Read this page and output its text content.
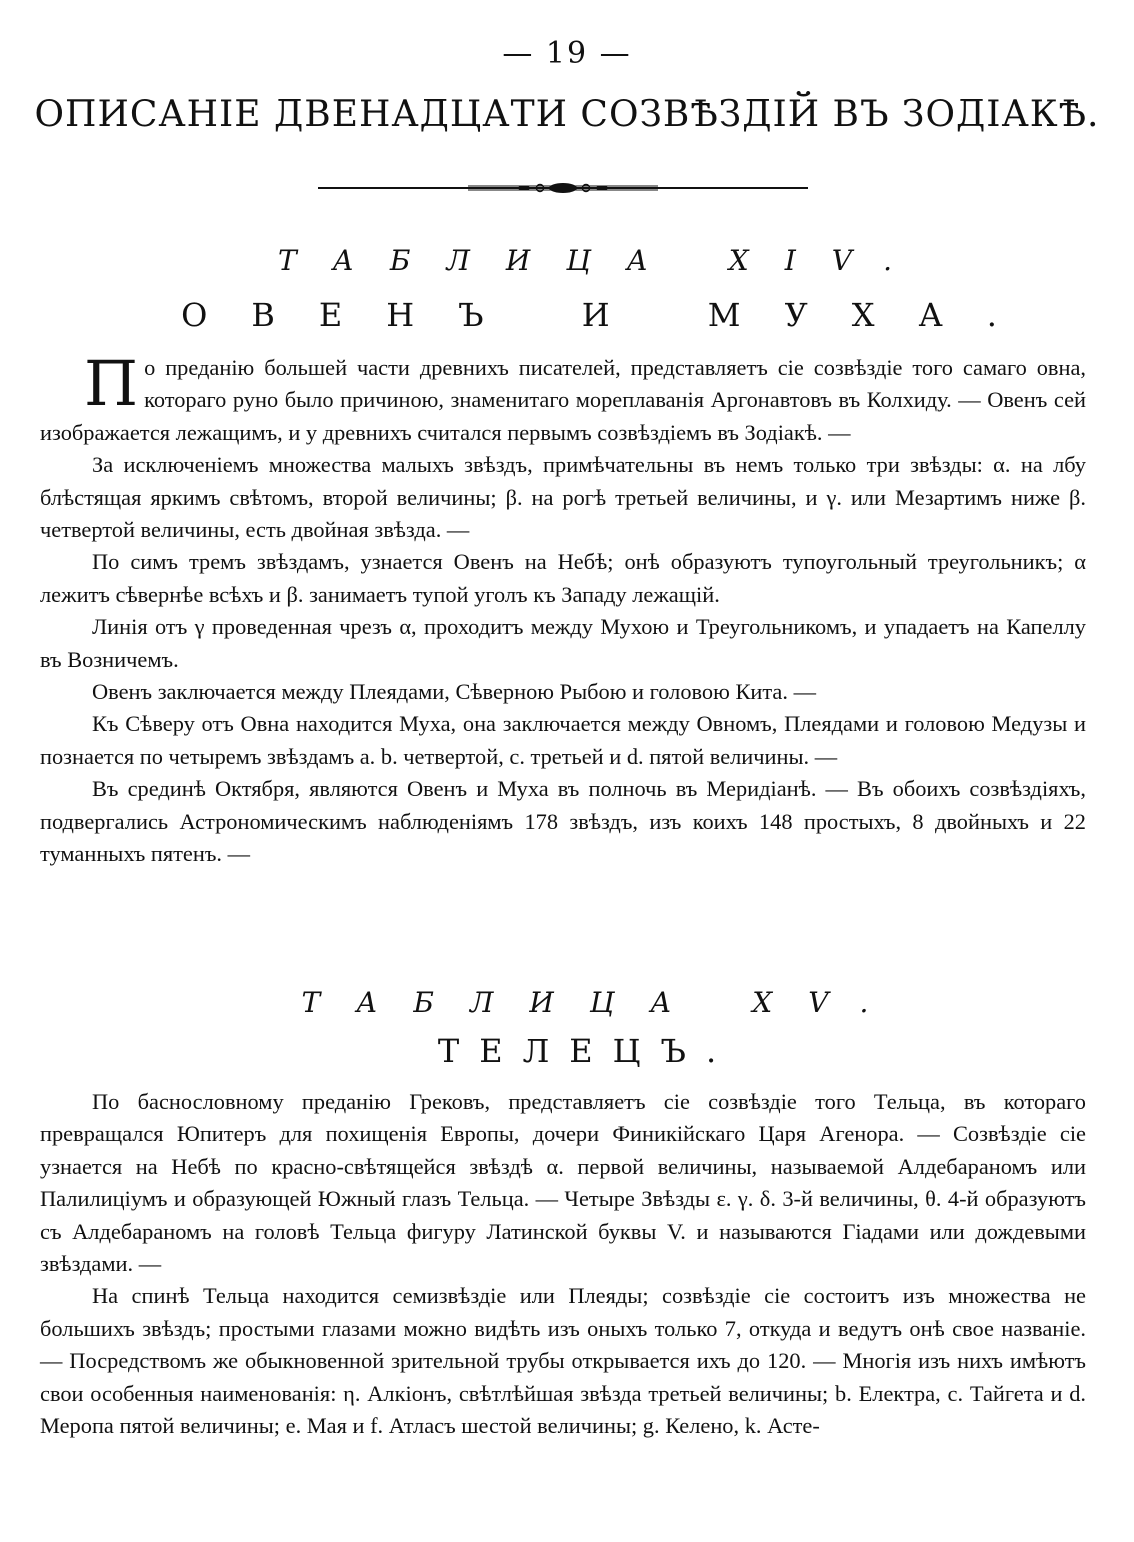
— 19 —
ОПИСАНІЕ ДВЕНАДЦАТИ СОЗВѢЗДІЙ ВЪ ЗОДІАКѢ.
ТАБЛИЦА XIV.
ОВЕНЪ И МУХА.

По преданію большей части древнихъ писателей, представляетъ сіе созвѣздіе того самаго овна, котораго руно было причиною, знаменитаго мореплаванія Аргонавтовъ въ Колхиду. — Овенъ сей изображается лежащимъ, и у древнихъ считался первымъ созвѣздіемъ въ Зодіакѣ. —

За исключеніемъ множества малыхъ звѣздъ, примѣчательны въ немъ только три звѣзды: α. на лбу блѣстящая яркимъ свѣтомъ, второй величины; β. на рогѣ третьей величины, и γ. или Мезартимъ ниже β. четвертой величины, есть двойная звѣзда. —

По симъ тремъ звѣздамъ, узнается Овенъ на Небѣ; онѣ образуютъ тупоугольный треугольникъ; α лежитъ сѣвернѣе всѣхъ и β. занимаетъ тупой уголъ къ Западу лежащій.

Линія отъ γ проведенная чрезъ α, проходитъ между Мухою и Треугольникомъ, и упадаетъ на Капеллу въ Возничемъ.

Овенъ заключается между Плеядами, Сѣверною Рыбою и головою Кита. —

Къ Сѣверу отъ Овна находится Муха, она заключается между Овномъ, Плеядами и головою Медузы и познается по четыремъ звѣздамъ a. b. четвертой, c. третьей и d. пятой величины. —

Въ срединѣ Октября, являются Овенъ и Муха въ полночь въ Меридіанѣ. — Въ обоихъ созвѣздіяхъ, подвергались Астрономическимъ наблюденіямъ 178 звѣздъ, изъ коихъ 148 простыхъ, 8 двойныхъ и 22 туманныхъ пятенъ. —

ТАБЛИЦА XV.
ТЕЛЕЦЪ.

По баснословному преданію Грековъ, представляетъ сіе созвѣздіе того Тельца, въ котораго превращался Юпитеръ для похищенія Европы, дочери Финикійскаго Царя Агенора. — Созвѣздіе сіе узнается на Небѣ по красно-свѣтящейся звѣздѣ α. первой величины, называемой Алдебараномъ или Палилиціумъ и образующей Южный глазъ Тельца. — Четыре Звѣзды ε. γ. δ. 3-й величины, θ. 4-й образуютъ съ Алдебараномъ на головѣ Тельца фигуру Латинской буквы V. и называются Гіадами или дождевыми звѣздами. —

На спинѣ Тельца находится семизвѣздіе или Плеяды; созвѣздіе сіе состоитъ изъ множества не большихъ звѣздъ; простыми глазами можно видѣть изъ оныхъ только 7, откуда и ведутъ онѣ свое названіе. — Посредствомъ же обыкновенной зрительной трубы открывается ихъ до 120. — Многія изъ нихъ имѣютъ свои особенныя наименованія: η. Алкіонъ, свѣтлѣйшая звѣзда третьей величины; b. Електра, c. Тайгета и d. Меропа пятой величины; e. Мая и f. Атласъ шестой величины; g. Келено, k. Асте-
